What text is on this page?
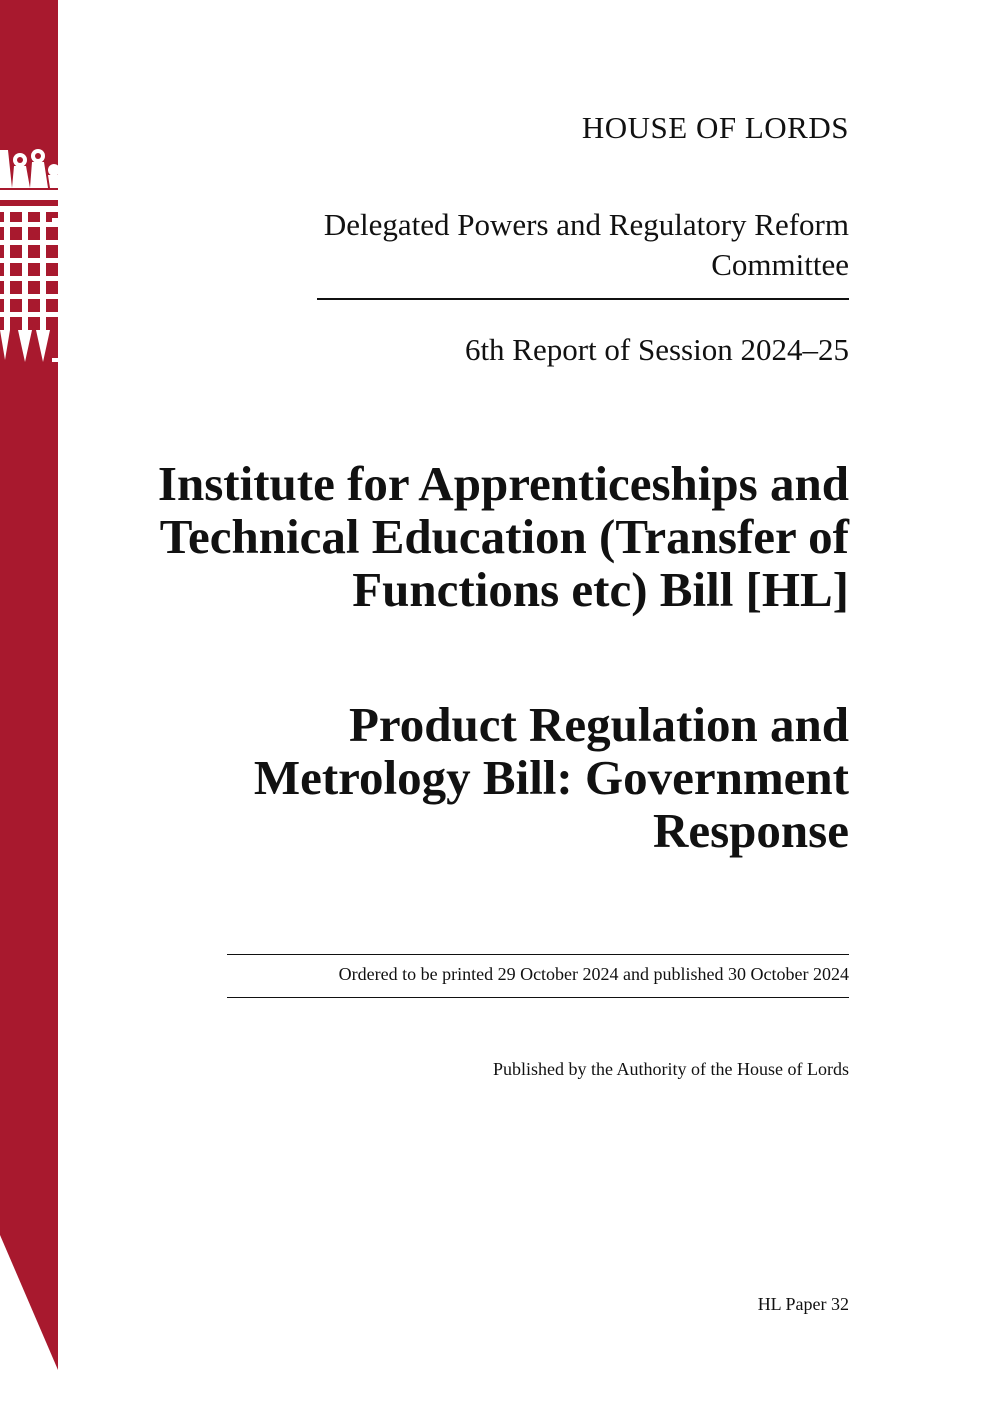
HOUSE OF LORDS
Delegated Powers and Regulatory Reform Committee
6th Report of Session 2024–25
Institute for Apprenticeships and Technical Education (Transfer of Functions etc) Bill [HL]
Product Regulation and Metrology Bill: Government Response
Ordered to be printed 29 October 2024 and published 30 October 2024
Published by the Authority of the House of Lords
HL Paper 32
